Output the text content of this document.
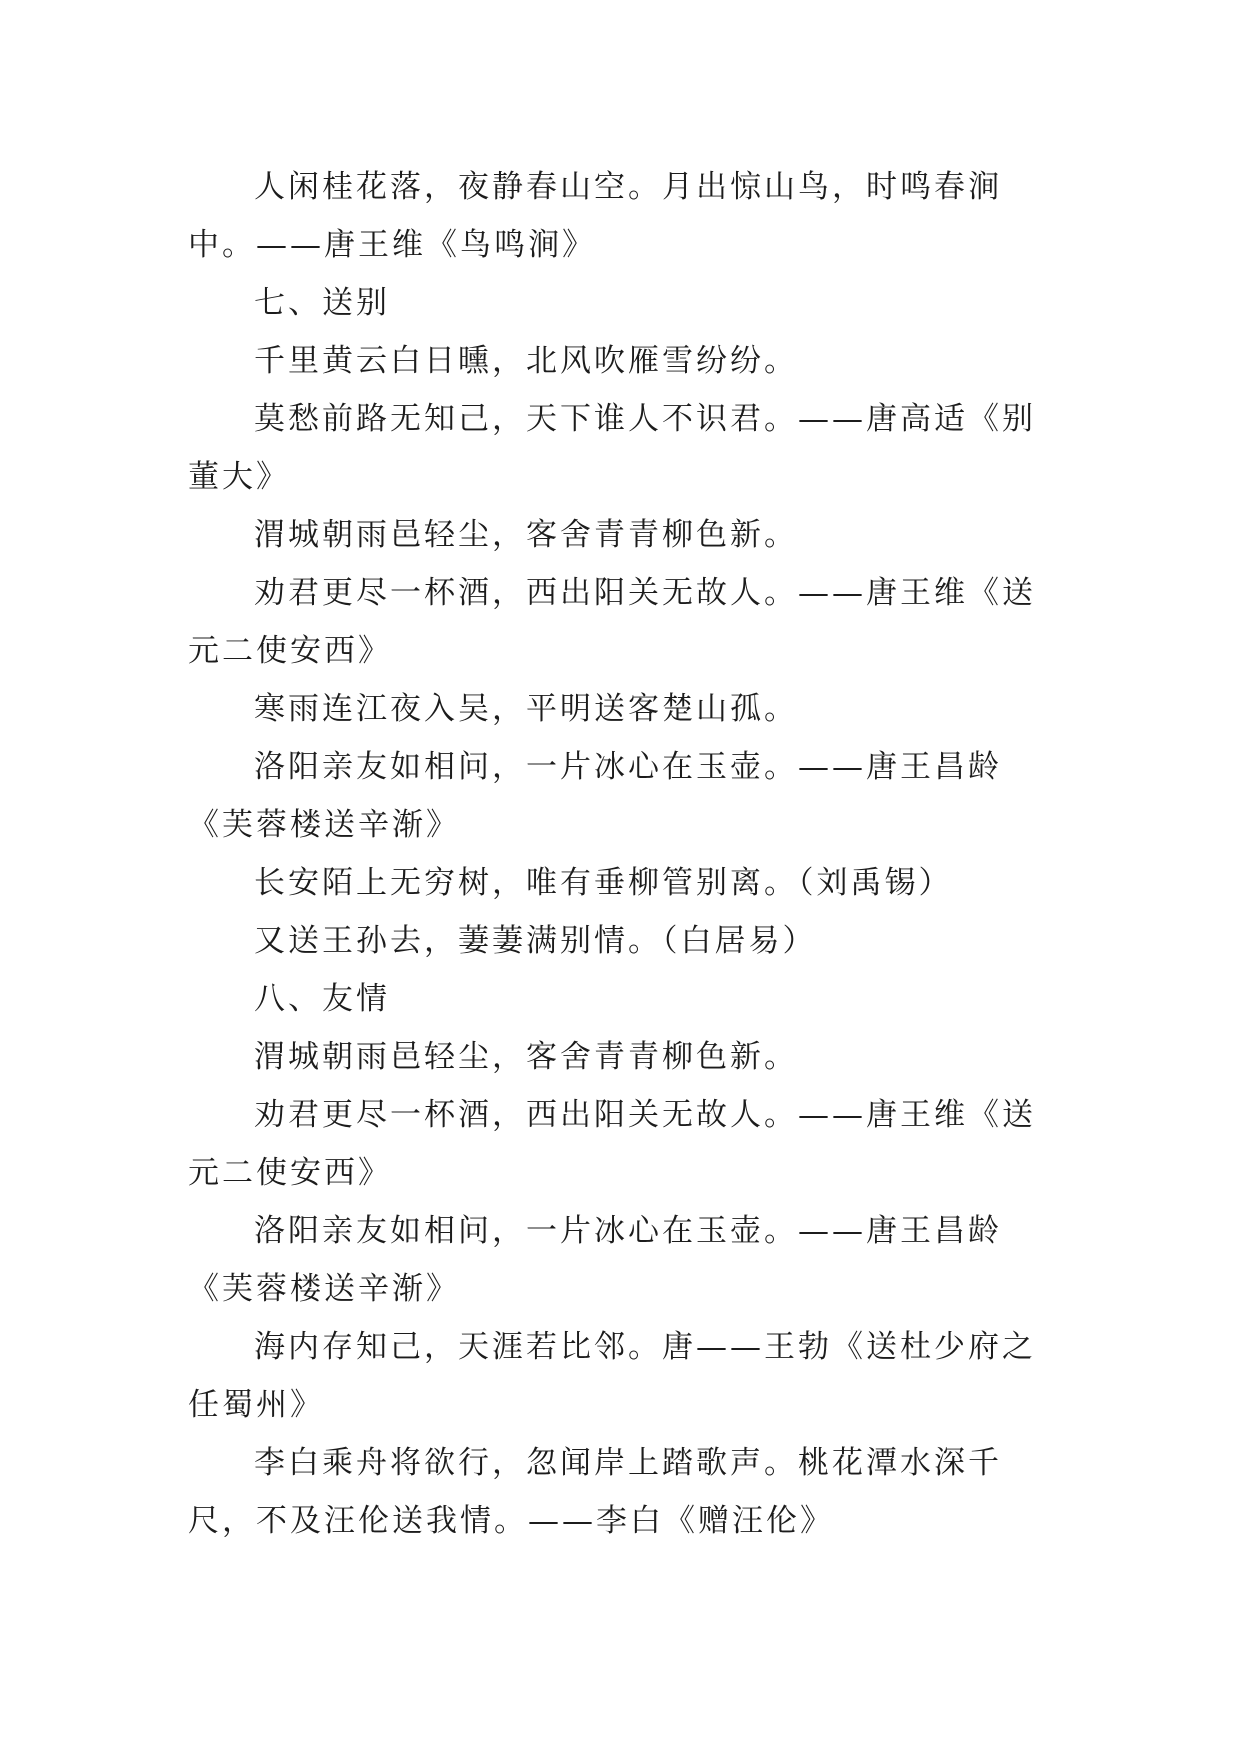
人闲桂花落，夜静春山空。月出惊山鸟，时鸣春涧中。——唐王维《鸟鸣涧》

七、送别

千里黄云白日曛，北风吹雁雪纷纷。

莫愁前路无知己，天下谁人不识君。——唐高适《别董大》

渭城朝雨邑轻尘，客舍青青柳色新。

劝君更尽一杯酒，西出阳关无故人。——唐王维《送元二使安西》

寒雨连江夜入吴，平明送客楚山孤。

洛阳亲友如相问，一片冰心在玉壶。——唐王昌龄《芙蓉楼送辛渐》

长安陌上无穷树，唯有垂柳管别离。（刘禹锡）

又送王孙去，萋萋满别情。（白居易）

八、友情

渭城朝雨邑轻尘，客舍青青柳色新。

劝君更尽一杯酒，西出阳关无故人。——唐王维《送元二使安西》

洛阳亲友如相问，一片冰心在玉壶。——唐王昌龄《芙蓉楼送辛渐》

海内存知己，天涯若比邻。唐——王勃《送杜少府之任蜀州》

李白乘舟将欲行，忽闻岸上踏歌声。桃花潭水深千尺，不及汪伦送我情。——李白《赠汪伦》
